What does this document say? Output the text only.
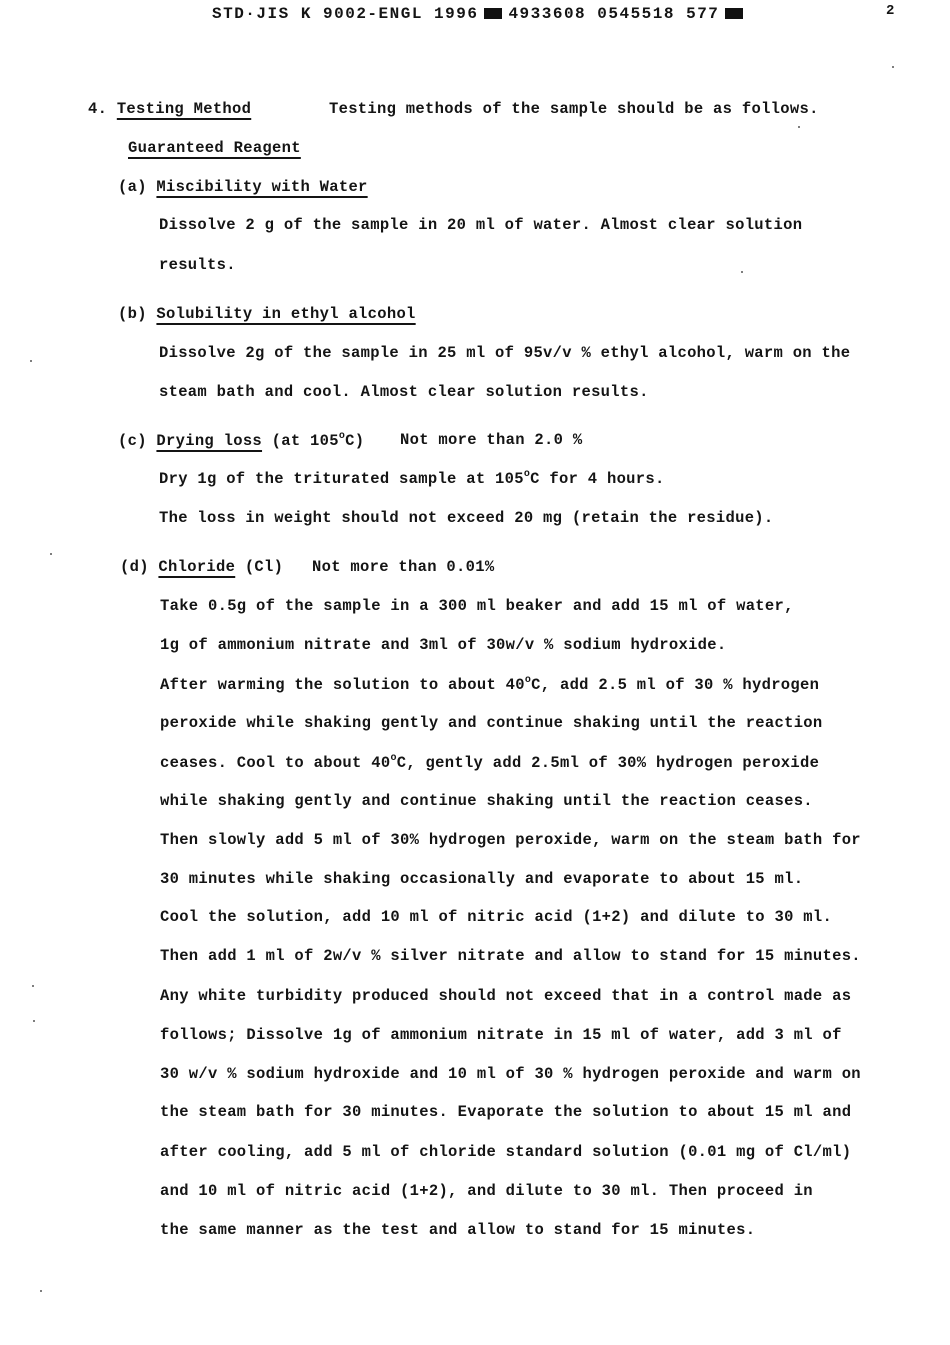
STD·JIS K 9002-ENGL 1996 4933608 0545518 577	2
4. Testing Method	Testing methods of the sample should be as follows.
Guaranteed Reagent
(a) Miscibility with Water
Dissolve 2 g of the sample in 20 ml of water. Almost clear solution
results.
(b) Solubility in ethyl alcohol
Dissolve 2g of the sample in 25 ml of 95v/v % ethyl alcohol, warm on the
steam bath and cool. Almost clear solution results.
(c) Drying loss (at 105$^o$C) Not more than 2.0 %
Dry 1g of the triturated sample at 105$^o$C for 4 hours.
The loss in weight should not exceed 20 mg (retain the residue).
(d) Chloride (Cl) Not more than 0.01%
Take 0.5g of the sample in a 300 ml beaker and add 15 ml of water,
1g of ammonium nitrate and 3ml of 30w/v % sodium hydroxide.
After warming the solution to about 40$^o$C, add 2.5 ml of 30 % hydrogen
peroxide while shaking gently and continue shaking until the reaction
ceases. Cool to about 40$^o$C, gently add 2.5ml of 30% hydrogen peroxide
while shaking gently and continue shaking until the reaction ceases.
Then slowly add 5 ml of 30% hydrogen peroxide, warm on the steam bath for
30 minutes while shaking occasionally and evaporate to about 15 ml.
Cool the solution, add 10 ml of nitric acid (1+2) and dilute to 30 ml.
Then add 1 ml of 2w/v % silver nitrate and allow to stand for 15 minutes.
Any white turbidity produced should not exceed that in a control made as
follows; Dissolve 1g of ammonium nitrate in 15 ml of water, add 3 ml of
30 w/v % sodium hydroxide and 10 ml of 30 % hydrogen peroxide and warm on
the steam bath for 30 minutes. Evaporate the solution to about 15 ml and
after cooling, add 5 ml of chloride standard solution (0.01 mg of Cl/ml)
and 10 ml of nitric acid (1+2), and dilute to 30 ml. Then proceed in
the same manner as the test and allow to stand for 15 minutes.
